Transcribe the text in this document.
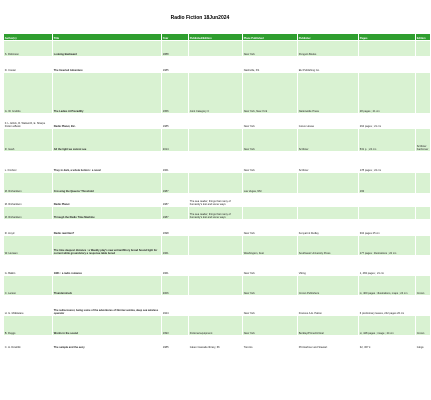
Radio Fiction 18Jun2024
Author(s)	Title	Year	Published/Edition	Place Published	Publisher	Pages	Edition
S. Robinson	Looking Backward	1888		New York	Penguin Books		
D. Costar	The Inverted Adventure	1985		Nashville, KS	EH Publishing Co.		
G. W. Grubbs	The Ladies At Piccadilly	1956	Joint Category 3	New York, New York	Nationwide Press	28 pages ; 21 cm	
F. L. Elrick, R. Walworth, E. Sharpe Fiction eBook	Radio Planet, Etc.	1985		New York	Grove House	264 pages ; 21 cm	
R. Gash	All the light we cannot see	2014		New York	Scribner	531 p. ; 24 cm	Scribner hardcover
L. Fimbrel	They in dark, a whole bottom : a novel	1961		New York	Scribner	178 pages ; 24 cm	
M. Richardson	Crossing the Queens' Threshold	1987		Las Vegas, NM		193	
M. Richardson	Radio Planet	1987	The sea reader; things that many of humanity's lost and some ways				
M. Richardson	Through the Radio Time Machine	1987	The sea reader; things that many of humanity's lost and some ways				
R. Lloyd	Radio rewritten?	1998		New York	Kenyatt & Dudley	304 pages 25 cm	
W. Hersam	The time deepest distance : a Weekly play's new entrant/Story broad Sound light for current while groundstory a response table bored	1961		Washington, Fest	Southwest University Press	177 pages : illustrations ; 22 cm	
G. Balkin	1961 : a radio romance	1961		New York	Viking	1, 482 pages ; 21 cm	
C. Larson	Thunderstruck	2006		New York	Crown Publishers	ix, 400 pages : illustrations, maps ; 24 cm	Crown
H. G. McElwane	The rediscoverer, being some of the adventures of Norma Lemma, deep sea wireless operator	1924		New York	Frances A.E. Patton	6 preliminary leaves, 242 pages 20 cm	
B. Ruggs	Words in the sound	1993	Fictional equipment	New York	Berkley/Prime/Critical	xi, 448 pages ; image ; 24 cm	Crown
C. H. Dowhilk	The sample and the eeny	1985	Gleen Cascade library, 66	Toronto	Pitt Harbour and Stewart	32, 307 k	Glogs
